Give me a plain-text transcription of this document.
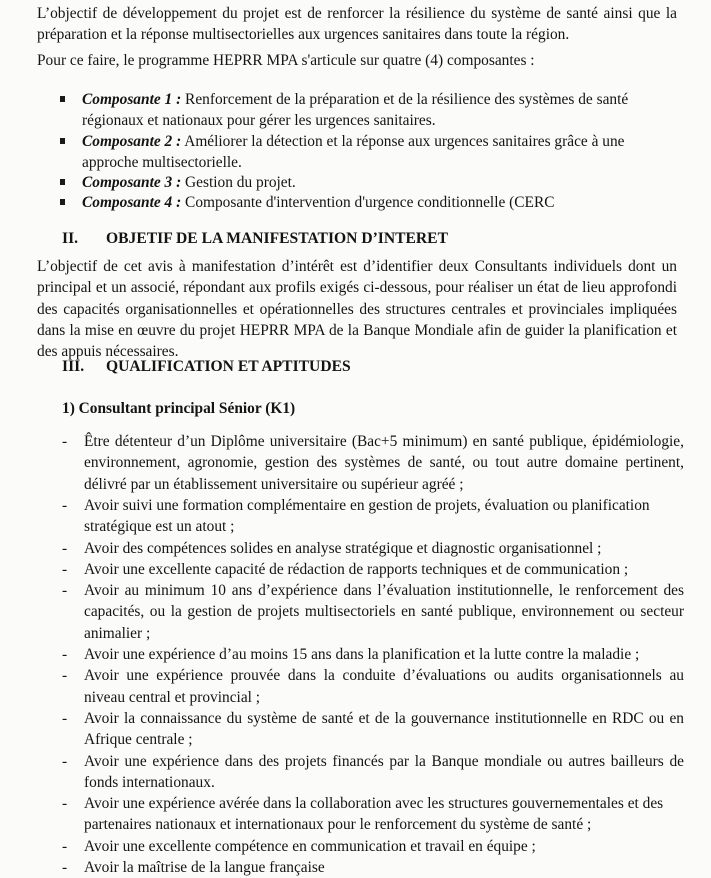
L’objectif de développement du projet est de renforcer la résilience du système de santé ainsi que la préparation et la réponse multisectorielles aux urgences sanitaires dans toute la région.

Pour ce faire, le programme HEPRR MPA s'articule sur quatre (4) composantes :

Composante 1 : Renforcement de la préparation et de la résilience des systèmes de santé régionaux et nationaux pour gérer les urgences sanitaires.

Composante 2 : Améliorer la détection et la réponse aux urgences sanitaires grâce à une approche multisectorielle.

Composante 3 : Gestion du projet.

Composante 4 : Composante d'intervention d'urgence conditionnelle (CERC

II. OBJETIF DE LA MANIFESTATION D’INTERET

L’objectif de cet avis à manifestation d’intérêt est d’identifier deux Consultants individuels dont un principal et un associé, répondant aux profils exigés ci-dessous, pour réaliser un état de lieu approfondi des capacités organisationnelles et opérationnelles des structures centrales et provinciales impliquées dans la mise en œuvre du projet HEPRR MPA de la Banque Mondiale afin de guider la planification et des appuis nécessaires.

III. QUALIFICATION ET APTITUDES
1) Consultant principal Sénior (K1)

- Être détenteur d’un Diplôme universitaire (Bac+5 minimum) en santé publique, épidémiologie, environnement, agronomie, gestion des systèmes de santé, ou tout autre domaine pertinent, délivré par un établissement universitaire ou supérieur agréé ;

- Avoir suivi une formation complémentaire en gestion de projets, évaluation ou planification stratégique est un atout ;

- Avoir des compétences solides en analyse stratégique et diagnostic organisationnel ;

- Avoir une excellente capacité de rédaction de rapports techniques et de communication ;

- Avoir au minimum 10 ans d’expérience dans l’évaluation institutionnelle, le renforcement des capacités, ou la gestion de projets multisectoriels en santé publique, environnement ou secteur animalier ;

- Avoir une expérience d’au moins 15 ans dans la planification et la lutte contre la maladie ;

- Avoir une expérience prouvée dans la conduite d’évaluations ou audits organisationnels au niveau central et provincial ;

- Avoir la connaissance du système de santé et de la gouvernance institutionnelle en RDC ou en Afrique centrale ;

- Avoir une expérience dans des projets financés par la Banque mondiale ou autres bailleurs de fonds internationaux.

- Avoir une expérience avérée dans la collaboration avec les structures gouvernementales et des partenaires nationaux et internationaux pour le renforcement du système de santé ;

- Avoir une excellente compétence en communication et travail en équipe ;

- Avoir la maîtrise de la langue française
